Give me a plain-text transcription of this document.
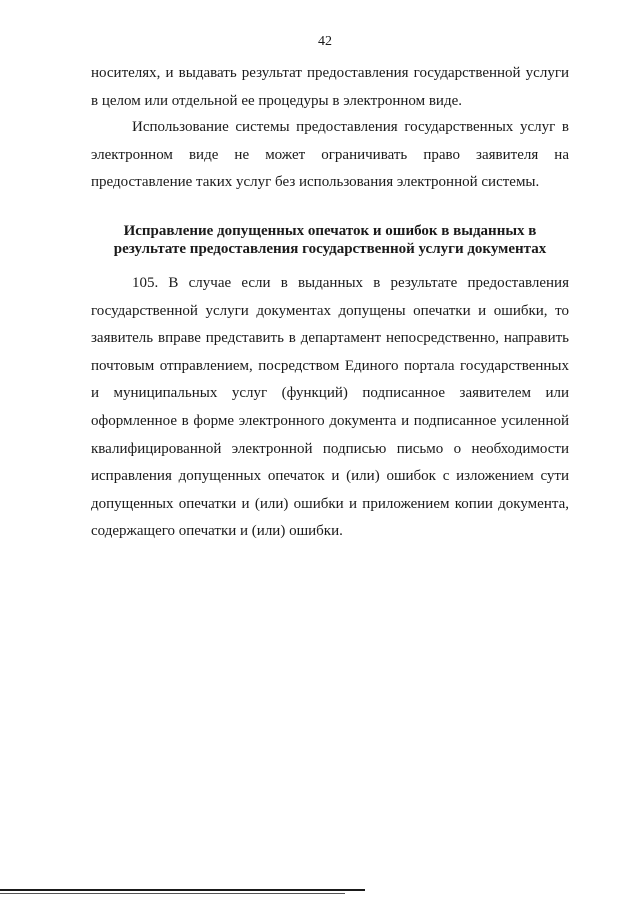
42

носителях, и выдавать результат предоставления государственной услуги в целом или отдельной ее процедуры в электронном виде.

Использование системы предоставления государственных услуг в электронном виде не может ограничивать право заявителя на предоставление таких услуг без использования электронной системы.

Исправление допущенных опечаток и ошибок в выданных в
результате предоставления государственной услуги документах

105. В случае если в выданных в результате предоставления государственной услуги документах допущены опечатки и ошибки, то заявитель вправе представить в департамент непосредственно, направить почтовым отправлением, посредством Единого портала государственных и муниципальных услуг (функций) подписанное заявителем или оформленное в форме электронного документа и подписанное усиленной квалифицированной электронной подписью письмо о необходимости исправления допущенных опечаток и (или) ошибок с изложением сути допущенных опечатки и (или) ошибки и приложением копии документа, содержащего опечатки и (или) ошибки.
